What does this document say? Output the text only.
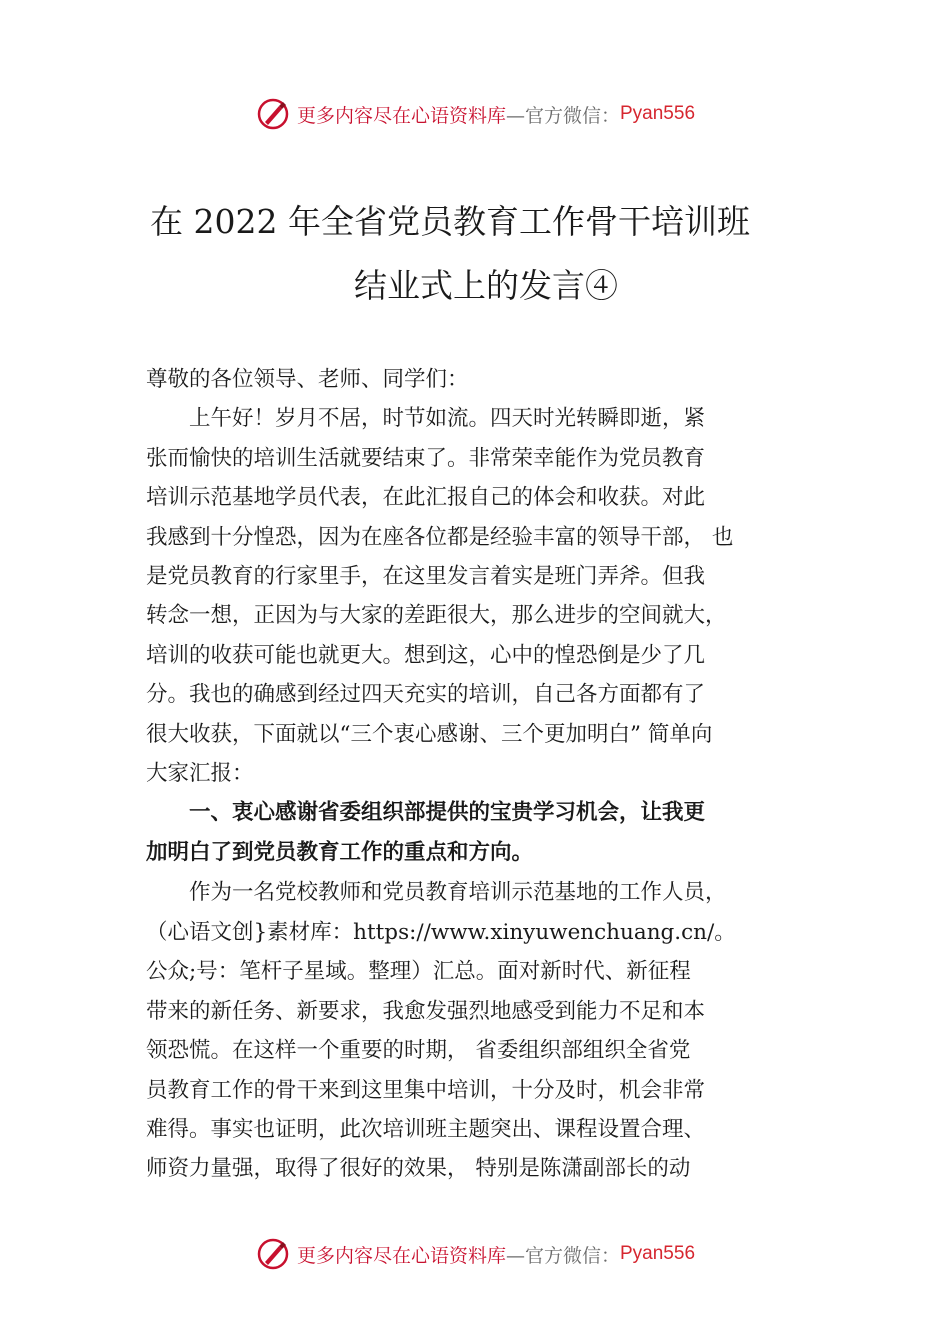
更多内容尽在心语资料库 —官方微信： Pyan556
在 2022 年全省党员教育工作骨干培训班
结业式上的发言④

尊敬的各位领导、老师、同学们：

上午好！岁月不居，时节如流。四天时光转瞬即逝，紧
张而愉快的培训生活就要结束了。非常荣幸能作为党员教育
培训示范基地学员代表，在此汇报自己的体会和收获。对此
我感到十分惶恐，因为在座各位都是经验丰富的领导干部， 也
是党员教育的行家里手，在这里发言着实是班门弄斧。但我
转念一想，正因为与大家的差距很大，那么进步的空间就大，
培训的收获可能也就更大。想到这，心中的惶恐倒是少了几
分。我也的确感到经过四天充实的培训，自己各方面都有了
很大收获，下面就以“三个衷心感谢、三个更加明白” 简单向
大家汇报：

一、衷心感谢省委组织部提供的宝贵学习机会，让我更
加明白了到党员教育工作的重点和方向。

作为一名党校教师和党员教育培训示范基地的工作人员，
（心语文创}素材库：https://www.xinyuwenchuang.cn/。
公众;号：笔杆子星域。整理）汇总。面对新时代、新征程
带来的新任务、新要求，我愈发强烈地感受到能力不足和本
领恐慌。在这样一个重要的时期， 省委组织部组织全省党
员教育工作的骨干来到这里集中培训，十分及时，机会非常
难得。事实也证明，此次培训班主题突出、课程设置合理、
师资力量强，取得了很好的效果， 特别是陈潇副部长的动

更多内容尽在心语资料库 —官方微信： Pyan556
